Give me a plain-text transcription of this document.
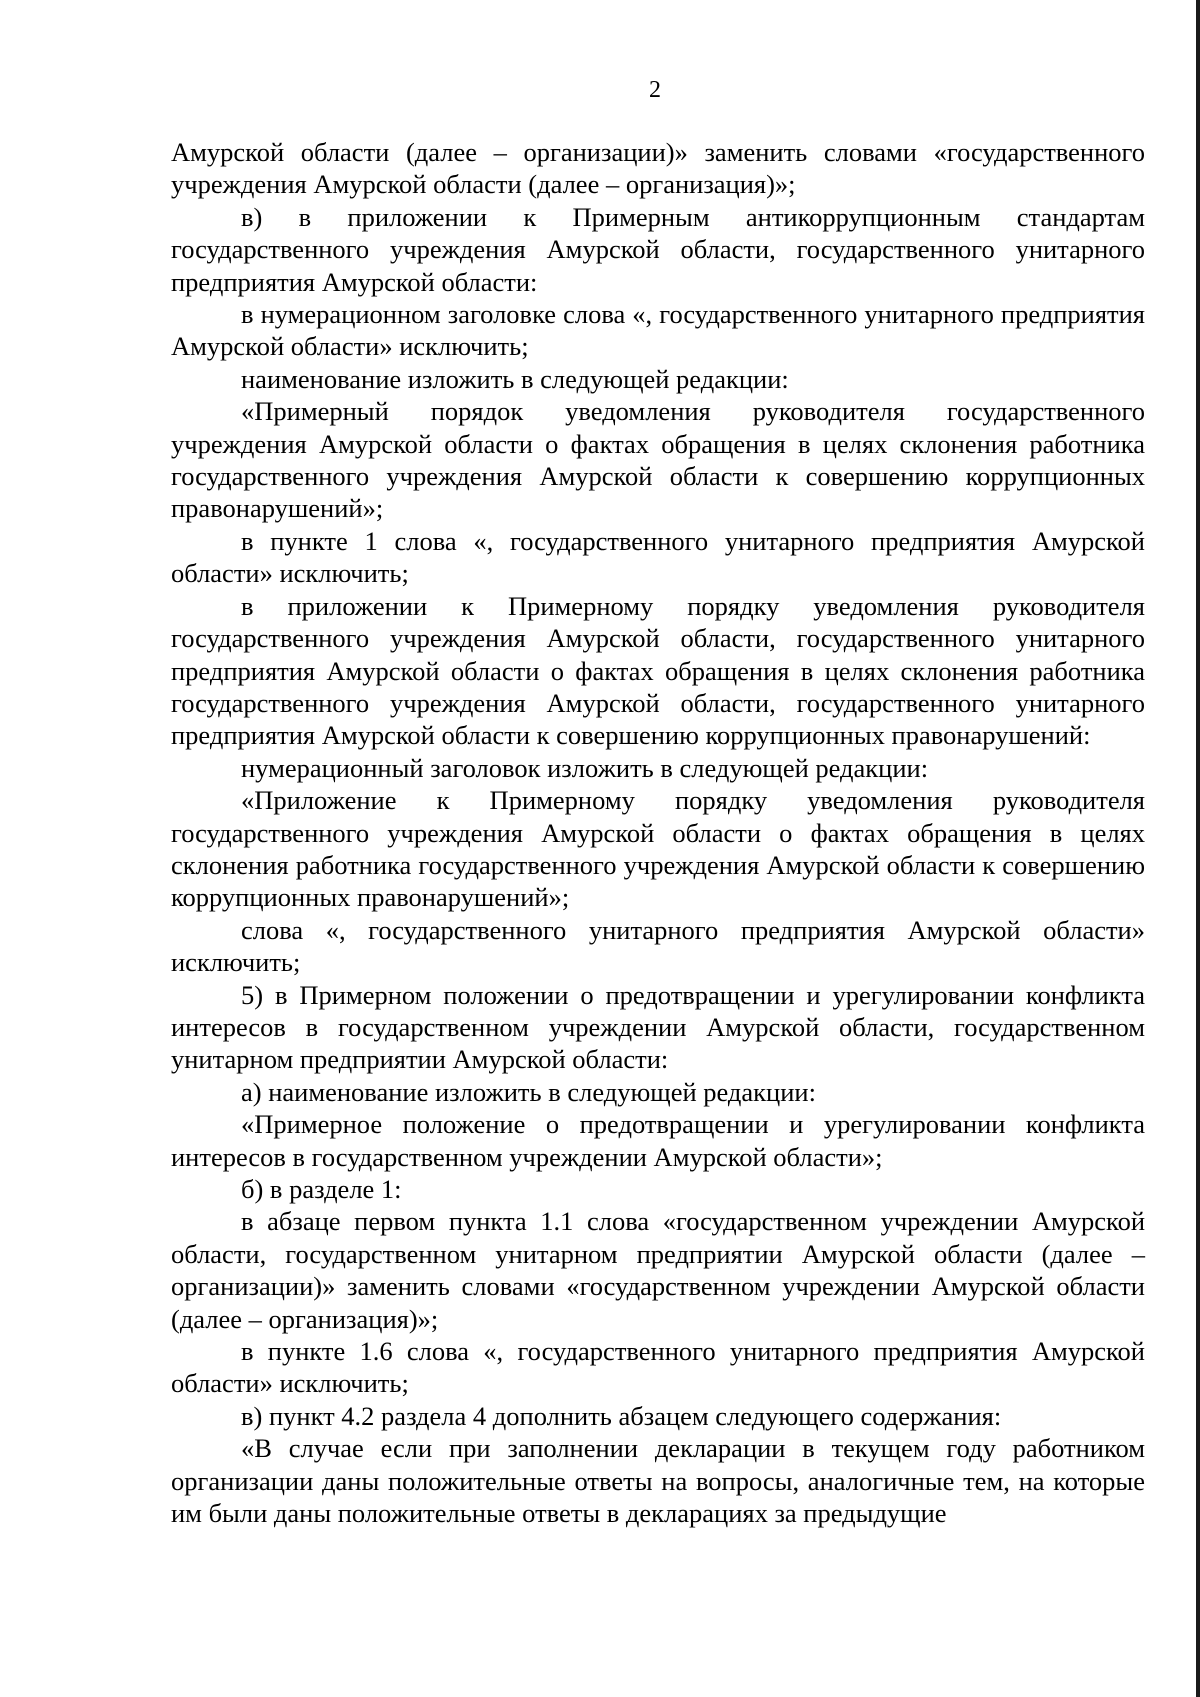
2

Амурской области (далее – организации)» заменить словами «государственного учреждения Амурской области (далее – организация)»;

в) в приложении к Примерным антикоррупционным стандартам государственного учреждения Амурской области, государственного унитарного предприятия Амурской области:

в нумерационном заголовке слова «, государственного унитарного предприятия Амурской области» исключить;

наименование изложить в следующей редакции:

«Примерный порядок уведомления руководителя государственного учреждения Амурской области о фактах обращения в целях склонения работника государственного учреждения Амурской области к совершению коррупционных правонарушений»;

в пункте 1 слова «, государственного унитарного предприятия Амурской области» исключить;

в приложении к Примерному порядку уведомления руководителя государственного учреждения Амурской области, государственного унитарного предприятия Амурской области о фактах обращения в целях склонения работника государственного учреждения Амурской области, государственного унитарного предприятия Амурской области к совершению коррупционных правонарушений:

нумерационный заголовок изложить в следующей редакции:

«Приложение к Примерному порядку уведомления руководителя государственного учреждения Амурской области о фактах обращения в целях склонения работника государственного учреждения Амурской области к совершению коррупционных правонарушений»;

слова «, государственного унитарного предприятия Амурской области» исключить;

5) в Примерном положении о предотвращении и урегулировании конфликта интересов в государственном учреждении Амурской области, государственном унитарном предприятии Амурской области:

а) наименование изложить в следующей редакции:

«Примерное положение о предотвращении и урегулировании конфликта интересов в государственном учреждении Амурской области»;

б) в разделе 1:

в абзаце первом пункта 1.1 слова «государственном учреждении Амурской области, государственном унитарном предприятии Амурской области (далее – организации)» заменить словами «государственном учреждении Амурской области (далее – организация)»;

в пункте 1.6 слова «, государственного унитарного предприятия Амурской области» исключить;

в) пункт 4.2 раздела 4 дополнить абзацем следующего содержания:

«В случае если при заполнении декларации в текущем году работником организации даны положительные ответы на вопросы, аналогичные тем, на которые им были даны положительные ответы в декларациях за предыдущие
